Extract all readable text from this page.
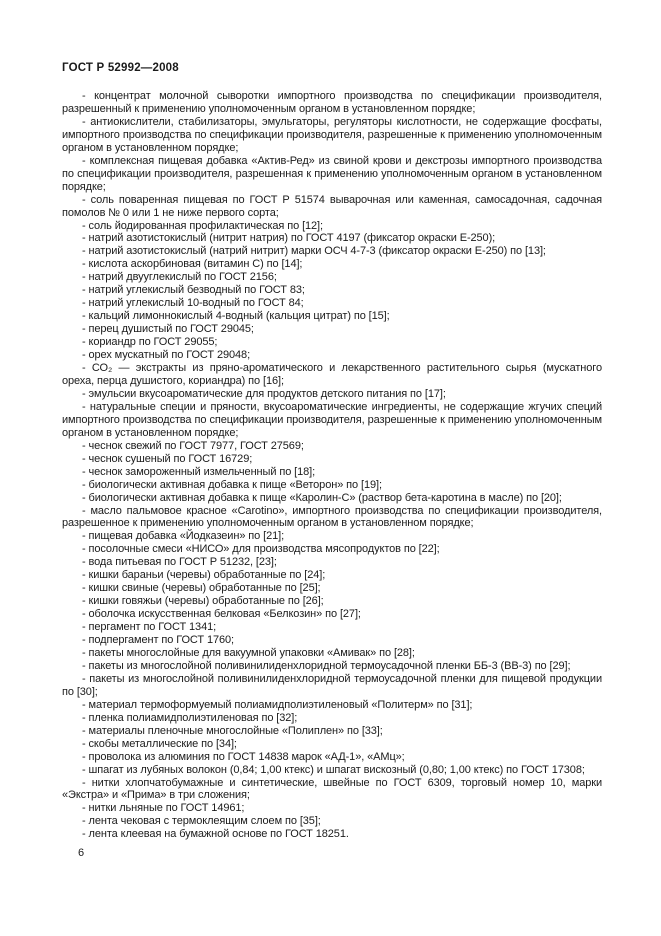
ГОСТ Р 52992—2008

- концентрат молочной сыворотки импортного производства по спецификации производителя, разрешенный к применению уполномоченным органом в установленном порядке;

- антиокислители, стабилизаторы, эмульгаторы, регуляторы кислотности, не содержащие фосфаты, импортного производства по спецификации производителя, разрешенные к применению уполномоченным органом в установленном порядке;

- комплексная пищевая добавка «Актив-Ред» из свиной крови и декстрозы импортного производства по спецификации производителя, разрешенная к применению уполномоченным органом в установленном порядке;

- соль поваренная пищевая по ГОСТ Р 51574 выварочная или каменная, самосадочная, садочная помолов № 0 или 1 не ниже первого сорта;

- соль йодированная профилактическая по [12];

- натрий азотистокислый (нитрит натрия) по ГОСТ 4197 (фиксатор окраски Е-250);

- натрий азотистокислый (натрий нитрит) марки ОСЧ 4-7-3 (фиксатор окраски Е-250) по [13];

- кислота аскорбиновая (витамин С) по [14];

- натрий двууглекислый по ГОСТ 2156;

- натрий углекислый безводный по ГОСТ 83;

- натрий углекислый 10-водный по ГОСТ 84;

- кальций лимоннокислый 4-водный (кальция цитрат) по [15];

- перец душистый по ГОСТ 29045;

- кориандр по ГОСТ 29055;

- орех мускатный по ГОСТ 29048;

- СО₂ — экстракты из пряно-ароматического и лекарственного растительного сырья (мускатного ореха, перца душистого, кориандра) по [16];

- эмульсии вкусоароматические для продуктов детского питания по [17];

- натуральные специи и пряности, вкусоароматические ингредиенты, не содержащие жгучих специй импортного производства по спецификации производителя, разрешенные к применению уполномоченным органом в установленном порядке;

- чеснок свежий по ГОСТ 7977, ГОСТ 27569;

- чеснок сушеный по ГОСТ 16729;

- чеснок замороженный измельченный по [18];

- биологически активная добавка к пище «Веторон» по [19];

- биологически активная добавка к пище «Каролин-С» (раствор бета-каротина в масле) по [20];

- масло пальмовое красное «Carotino», импортного производства по спецификации производителя, разрешенное к применению уполномоченным органом в установленном порядке;

- пищевая добавка «Йодказеин» по [21];

- посолочные смеси «НИСО» для производства мясопродуктов по [22];

- вода питьевая по ГОСТ Р 51232, [23];

- кишки бараньи (черевы) обработанные по [24];

- кишки свиные (черевы) обработанные по [25];

- кишки говяжьи (черевы) обработанные по [26];

- оболочка искусственная белковая «Белкозин» по [27];

- пергамент по ГОСТ 1341;

- подпергамент по ГОСТ 1760;

- пакеты многослойные для вакуумной упаковки «Амивак» по [28];

- пакеты из многослойной поливинилиденхлоридной термоусадочной пленки ББ-3 (ВВ-3) по [29];

- пакеты из многослойной поливинилиденхлоридной термоусадочной пленки для пищевой продукции по [30];

- материал термоформуемый полиамидполиэтиленовый «Политерм» по [31];

- пленка полиамидполиэтиленовая по [32];

- материалы пленочные многослойные «Полиплен» по [33];

- скобы металлические по [34];

- проволока из алюминия по ГОСТ 14838 марок «АД-1», «АМц»;

- шпагат из лубяных волокон (0,84; 1,00 ктекс) и шпагат вискозный (0,80; 1,00 ктекс) по ГОСТ 17308;

- нитки хлопчатобумажные и синтетические, швейные по ГОСТ 6309, торговый номер 10, марки «Экстра» и «Прима» в три сложения;

- нитки льняные по ГОСТ 14961;

- лента чековая с термоклеящим слоем по [35];

- лента клеевая на бумажной основе по ГОСТ 18251.

6
